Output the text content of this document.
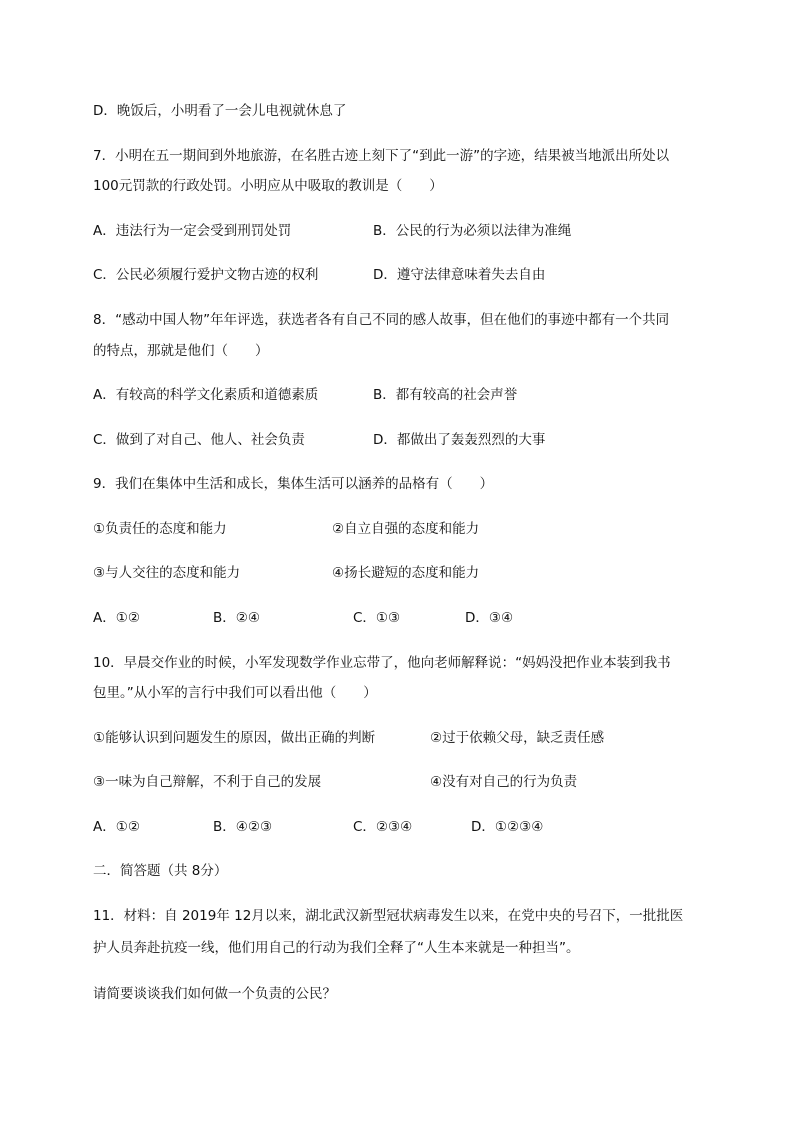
D．晚饭后，小明看了一会儿电视就休息了
7．小明在五一期间到外地旅游，在名胜古迹上刻下了“到此一游”的字迹，结果被当地派出所处以
100元罚款的行政处罚。小明应从中吸取的教训是（　　）
A．违法行为一定会受到刑罚处罚	B．公民的行为必须以法律为准绳
C．公民必须履行爱护文物古迹的权利	D．遵守法律意味着失去自由
8．“感动中国人物”年年评选，获选者各有自己不同的感人故事，但在他们的事迹中都有一个共同
的特点，那就是他们（　　）
A．有较高的科学文化素质和道德素质	B．都有较高的社会声誉
C．做到了对自己、他人、社会负责	D．都做出了轰轰烈烈的大事
9．我们在集体中生活和成长，集体生活可以涵养的品格有（　　）
①负责任的态度和能力	②自立自强的态度和能力
③与人交往的态度和能力	④扬长避短的态度和能力
A．①②	B．②④	C．①③	D．③④
10．早晨交作业的时候，小军发现数学作业忘带了，他向老师解释说：“妈妈没把作业本装到我书
包里。”从小军的言行中我们可以看出他（　　）
①能够认识到问题发生的原因，做出正确的判断	②过于依赖父母，缺乏责任感
③一味为自己辩解，不利于自己的发展	④没有对自己的行为负责
A．①②	B．④②③	C．②③④	D．①②③④
二．简答题（共 8分）
11．材料：自 2019年 12月以来，湖北武汉新型冠状病毒发生以来，在党中央的号召下，一批批医
护人员奔赴抗疫一线，他们用自己的行动为我们全释了“人生本来就是一种担当”。
请简要谈谈我们如何做一个负责的公民？
